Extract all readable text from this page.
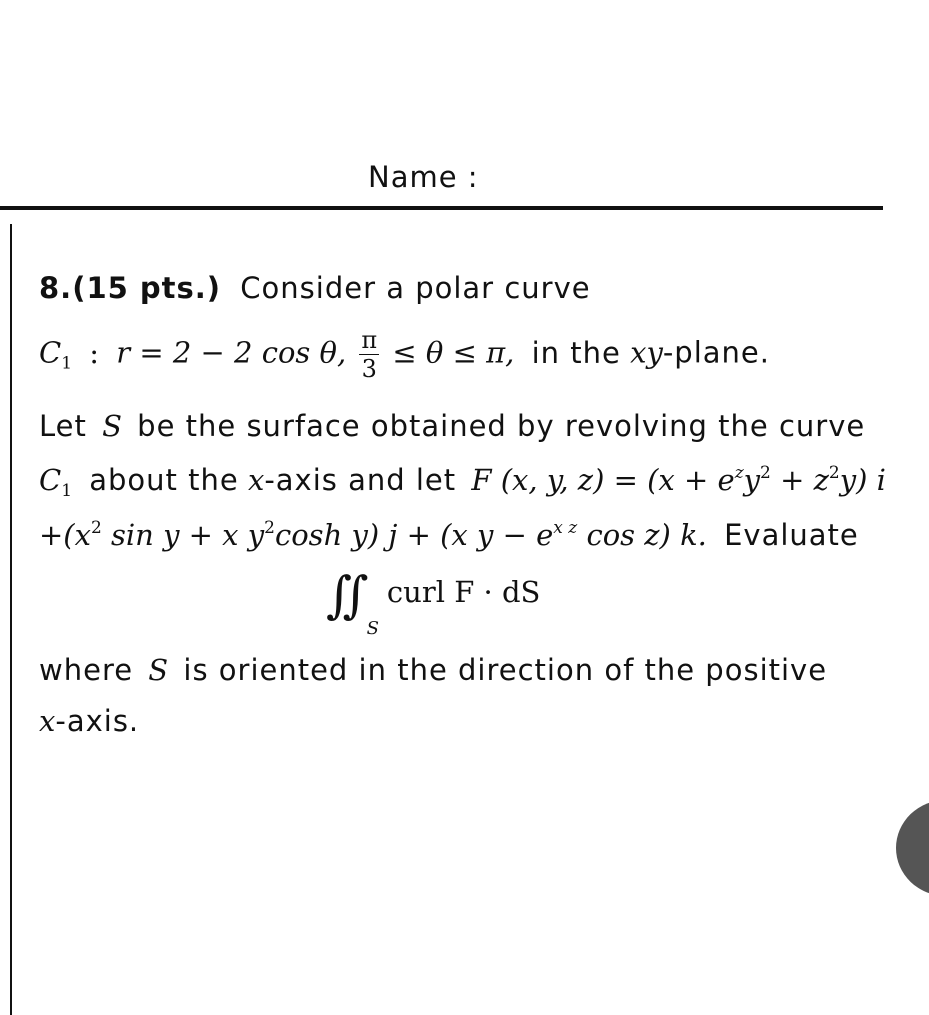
Name :
8.(15 pts.) Consider a polar curve
$C_1$ : r = 2 − 2 cos θ, $\frac{\pi}{3} \le \theta \le \pi$, in the xy-plane.
Let S be the surface obtained by revolving the curve
$C_1$ about the x-axis and let F (x, y, $z) = (x + e^zy^2 + z^2y)$ i
$+(x^2$ sin y + x $y^2\cosh$ y) j + (x $y - e^{x z}$ cos z) k. Evaluate
$∬_Scurl$ F · dS
where S is oriented in the direction of the positive
x-axis.
